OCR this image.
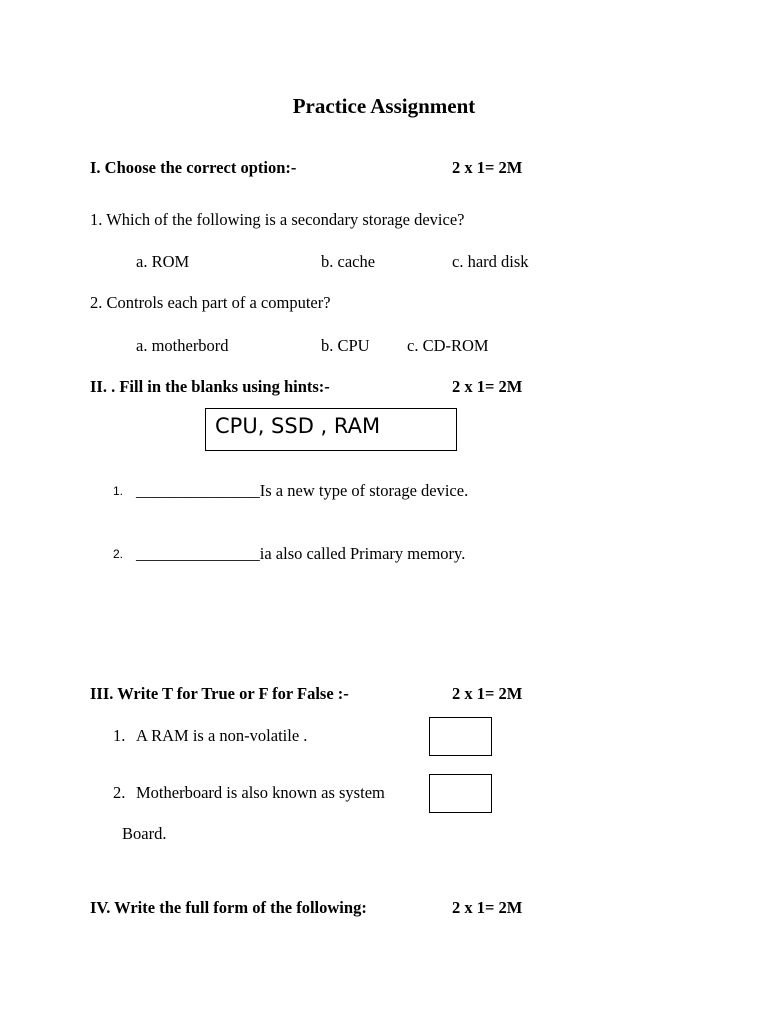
Practice Assignment
I. Choose the correct option:-	2 x 1= 2M
1. Which of the following is a secondary storage device?
a. ROM	b. cache	c. hard disk
2. Controls each part of a computer?
a. motherbord	b. CPU c. CD-ROM
II. . Fill in the blanks using hints:-	2 x 1= 2M
CPU, SSD , RAM
1. _______________Is a new type of storage device.
2. _______________ia also called Primary memory.
III. Write T for True or F for False :-	2 x 1= 2M
1. A RAM is a non-volatile .
2. Motherboard is also known as system
Board.
IV. Write the full form of the following:	2 x 1= 2M
